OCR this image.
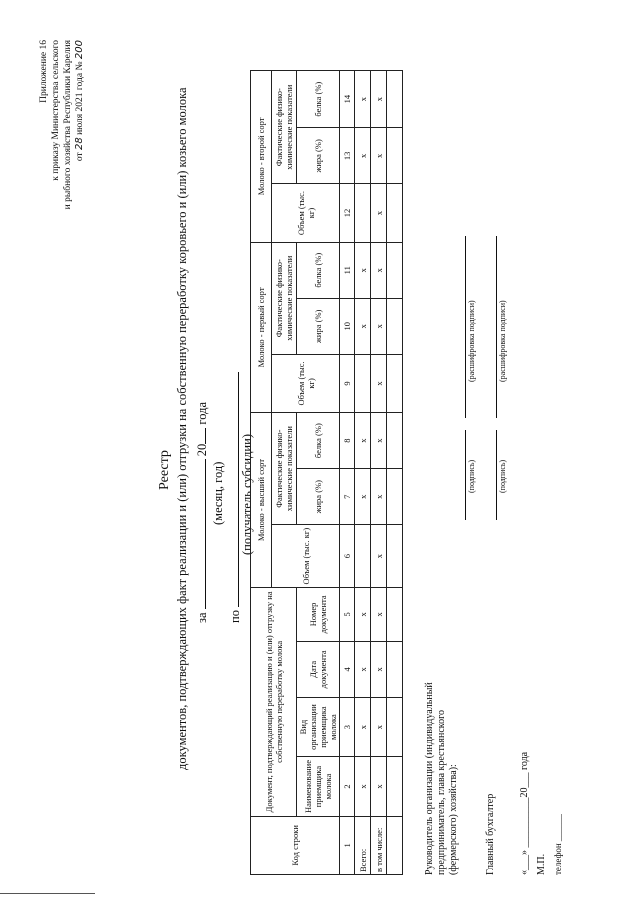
Приложение 16 к приказу Министерства сельского и рыбного хозяйства Республики Карелия от 28 июля 2021 года № 200
Реестр документов, подтверждающих факт реализации и (или) отгрузки на собственную переработку коровьего и (или) козьего молока за  20 года
(месяц, год)
по
(получатель субсидии)
Код строки	Документ, подтверждающий реализацию и (или) отгрузку на собственную переработку молока				Молоко - высший сорт			Молоко - первый сорт			Молоко - второй сорт		
					Объем (тыс. кг)	Фактические физико-химические показатели		Объем (тыс. кг)	Фактические физико-химические показатели		Объем (тыс. кг)	Фактические физико-химические показатели	
	Наименование приемщика молока	Вид организации приемщика молока	Дата документа	Номер документа		жира (%)	белка (%)		жира (%)	белка (%)		жира (%)	белка (%)
1	2	3	4	5	6	7	8	9	10	11	12	13	14
Всего:	x	x	x	x		x	x		x	x		x	x
в том числе:	x	x	x	x	x	x	x	x	x	x	x	x	x

Руководитель организации (индивидуальный предприниматель, глава крестьянского (фермерского) хозяйства):
(подпись)
(расшифровка подписи)
Главный бухгалтер
(подпись)
(расшифровка подписи)
«___» __________20___ года М.П. телефон ______
